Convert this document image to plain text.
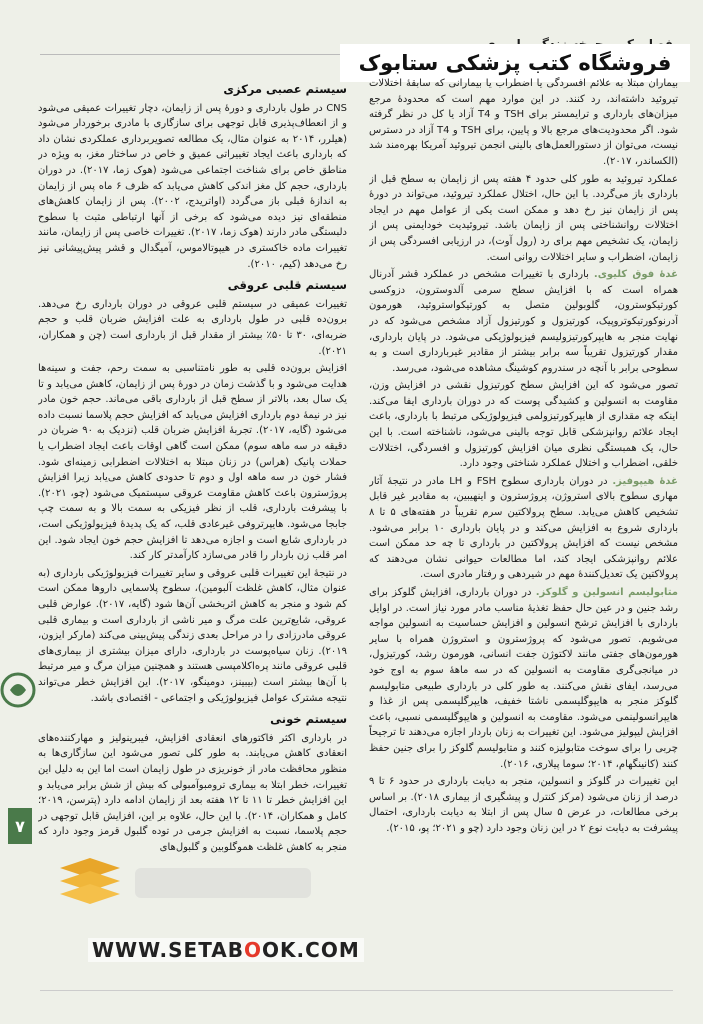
فروشگاه کتب پزشکی ستابوک

بیماران مبتلا به علائم افسردگی یا اضطراب یا بیمارانی که سابقۀ اختلالات تیروئید داشته‌اند، رد کنند. در این موارد مهم است که محدودۀ مرجع میزان‌های بارداری و ترایمستر برای TSH و T4 آزاد یا کل در نظر گرفته شود. اگر محدودیت‌های مرجع بالا و پایین، برای TSH و T4 آزاد در دسترس نیست، می‌توان از دستورالعمل‌های بالینی انجمن تیروئید آمریکا بهره‌مند شد (الکساندر، ۲۰۱۷).

عملکرد تیروئید به طور کلی حدود ۴ هفته پس از زایمان به سطح قبل از بارداری باز می‌گردد. با این حال، اختلال عملکرد تیروئید، می‌تواند در دورۀ پس از زایمان نیز رخ دهد و ممکن است یکی از عوامل مهم در ایجاد اختلالات روانشناختی پس از زایمان باشد. تیروئیدیت خودایمنی پس از زایمان، یک تشخیص مهم برای رد (رول آوت)، در ارزیابی افسردگی پس از زایمان، اضطراب و سایر اختلالات روانی است.

غدۀ فوق کلیوی. بارداری با تغییرات مشخص در عملکرد قشر آدرنال همراه است که با افزایش سطح سرمی آلدوسترون، دزوکسی کورتیکوسترون، گلوبولین متصل به کورتیکواستروئید، هورمون آدرنوکورتیکوتروپیک، کورتیزول و کورتیزول آزاد مشخص می‌شود که در نهایت منجر به هایپرکورتیزولیسم فیزیولوژیکی می‌شود. در پایان بارداری، مقدار کورتیزول تقریباً سه برابر بیشتر از مقادیر غیربارداری است و به سطوحی برابر با آنچه در سندروم کوشینگ مشاهده می‌شود، می‌رسد.

تصور می‌شود که این افزایش سطح کورتیزول نقشی در افزایش وزن، مقاومت به انسولین و کشیدگی پوست که در دوران بارداری ایفا می‌کند. اینکه چه مقداری از هایپرکورتیزولمی فیزیولوژیکی مرتبط با بارداری، باعث ایجاد علائم روانپزشکی قابل توجه بالینی می‌شود، ناشناخته است. با این حال، یک همبستگی نظری میان افزایش کورتیزول و افسردگی، اختلالات خلقی، اضطراب و اختلال عملکرد شناختی وجود دارد.

غدۀ هیپوفیز. در دوران بارداری سطوح FSH و LH مادر در نتیجۀ آثار مهاری سطوح بالای استروژن، پروژسترون و اینهیبین، به مقادیر غیر قابل تشخیص کاهش می‌یابد. سطح پرولاکتین سرم تقریباً در هفته‌های ۵ تا ۸ بارداری شروع به افزایش می‌کند و در پایان بارداری ۱۰ برابر می‌شود. مشخص نیست که افزایش پرولاکتین در بارداری تا چه حد ممکن است علائم روانپزشکی ایجاد کند، اما مطالعات حیوانی نشان می‌دهند که پرولاکتین یک تعدیل‌کنندۀ مهم در شیردهی و رفتار مادری است.

متابولیسم انسولین و گلوکز. در دوران بارداری، افزایش گلوکز برای رشد جنین و در عین حال حفظ تغذیۀ مناسب مادر مورد نیاز است. در اوایل بارداری با افزایش ترشح انسولین و افزایش حساسیت به انسولین مواجه می‌شویم. تصور می‌شود که پروژسترون و استروژن همراه با سایر هورمون‌های جفتی مانند لاکتوژن جفت انسانی، هورمون رشد، کورتیزول، در میانجی‌گری مقاومت به انسولین که در سه ماهۀ سوم به اوج خود می‌رسد، ایفای نقش می‌کنند. به طور کلی در بارداری طبیعی متابولیسم گلوکز منجر به هایپوگلیسمی ناشتا خفیف، هایپرگلیسمی پس از غذا و هایپرانسولینمی می‌شود. مقاومت به انسولین و هایپوگلیسمی نسبی، باعث افزایش لیپولیز می‌شود. این تغییرات به زنان باردار اجازه می‌دهند تا ترجیحاً چربی را برای سوخت متابولیزه کنند و متابولیسم گلوکز را برای جنین حفظ کنند (کانینگهام، ۲۰۱۴؛ سوما پیلاری، ۲۰۱۶).

این تغییرات در گلوکز و انسولین، منجر به دیابت بارداری در حدود ۶ تا ۹ درصد از زنان می‌شود (مرکز کنترل و پیشگیری از بیماری ۲۰۱۸). بر اساس برخی مطالعات، در عرض ۵ سال پس از ابتلا به دیابت بارداری، احتمال پیشرفت به دیابت نوع ۲ در این زنان وجود دارد (چو و ۲۰۲۱؛ پو، ۲۰۱۵).

سیستم عصبی مرکزی

CNS در طول بارداری و دورۀ پس از زایمان، دچار تغییرات عمیقی می‌شود و از انعطاف‌پذیری قابل توجهی برای سازگاری با مادری برخوردار می‌شود (هیلرر، ۲۰۱۴ به عنوان مثال، یک مطالعه تصویربرداری عملکردی نشان داد که بارداری باعث ایجاد تغییراتی عمیق و خاص در ساختار مغز، به ویژه در مناطق خاص برای شناخت اجتماعی می‌شود (هوک زما، ۲۰۱۷). در دوران بارداری، حجم کل مغز اندکی کاهش می‌یابد که ظرف ۶ ماه پس از زایمان به اندازۀ قبلی باز می‌گردد (اواتریدج، ۲۰۰۲). پس از زایمان کاهش‌های منطقه‌ای نیز دیده می‌شود که برخی از آنها ارتباطی مثبت با سطوح دلبستگی مادر دارند (هوک زما، ۲۰۱۷). تغییرات خاصی پس از زایمان، مانند تغییرات ماده خاکستری در هیپوتالاموس، آمیگدال و قشر پیش‌پیشانی نیز رخ می‌دهد (کیم، ۲۰۱۰).

سیستم قلبی عروقی

تغییرات عمیقی در سیستم قلبی عروقی در دوران بارداری رخ می‌دهد. برون‌ده قلبی در طول بارداری به علت افزایش ضربان قلب و حجم ضربه‌ای، ۳۰ تا ۵۰٪ بیشتر از مقدار قبل از بارداری است (چن و همکاران، ۲۰۲۱).

افزایش برون‌ده قلبی به طور نامتناسبی به سمت رحم، جفت و سینه‌ها هدایت می‌شود و با گذشت زمان در دورۀ پس از زایمان، کاهش می‌یابد و تا یک سال بعد، بالاتر از سطح قبل از بارداری باقی می‌ماند. حجم خون مادر نیز در نیمۀ دوم بارداری افزایش می‌یابد که افزایش حجم پلاسما نسبت داده می‌شود (گایه، ۲۰۱۷). تجربۀ افزایش ضربان قلب (نزدیک به ۹۰ ضربان در دقیقه در سه ماهه سوم) ممکن است گاهی اوقات باعث ایجاد اضطراب یا حملات پانیک (هراس) در زنان مبتلا به اختلالات اضطرابی زمینه‌ای شود. فشار خون در سه ماهه اول و دوم تا حدودی کاهش می‌یابد زیرا افزایش پروژسترون باعث کاهش مقاومت عروقی سیستمیک می‌شود (چو، ۲۰۲۱). با پیشرفت بارداری، قلب از نظر فیزیکی به سمت بالا و به سمت چپ جابجا می‌شود. هایپرتروفی غیرعادی قلب، که یک پدیدۀ فیزیولوژیکی است، در بارداری شایع است و اجازه می‌دهد تا افزایش حجم خون ایجاد شود. این امر قلب زن باردار را قادر می‌سازد کارآمدتر کار کند.

در نتیجۀ این تغییرات قلبی عروقی و سایر تغییرات فیزیولوژیکی بارداری (به عنوان مثال، کاهش غلظت آلبومین)، سطوح پلاسمایی داروها ممکن است کم شود و منجر به کاهش اثربخشی آن‌ها شود (گایه، ۲۰۱۷). عوارض قلبی عروقی، شایع‌ترین علت مرگ و میر ناشی از بارداری است و بیماری قلبی عروقی مادرزادی را در مراحل بعدی زندگی پیش‌بینی می‌کند (مارکر ایزون، ۲۰۱۹). زنان سیاه‌پوست در بارداری، دارای میزان بیشتری از بیماری‌های قلبی عروقی مانند پره‌اکلامپسی هستند و همچنین میزان مرگ و میر مرتبط با آن‌ها بیشتر است (بیبینز، دومینگو، ۲۰۱۷). این افزایش خطر می‌تواند نتیجه مشترک عوامل فیزیولوژیکی و اجتماعی - اقتصادی باشد.

سیستم خونی

در بارداری اکثر فاکتورهای انعقادی افزایش، فیبرینولیز و مهارکننده‌های انعقادی کاهش می‌یابند. به طور کلی تصور می‌شود این سازگاری‌ها به منظور محافظت مادر از خونریزی در طول زایمان است اما این به دلیل این تغییرات، خطر ابتلا به بیماری ترومبوآمبولی که بیش از شش برابر می‌یابد و این افزایش خطر تا ۱۱ تا ۱۲ هفته بعد از زایمان ادامه دارد (پترسن، ۲۰۱۹؛ کامل و همکاران، ۲۰۱۴). با این حال، علاوه بر این، افزایش قابل توجهی در حجم پلاسما، نسبت به افزایش جرمی در توده گلبول قرمز وجود دارد که منجر به کاهش غلظت هموگلوبین و گلبول‌های

۷
WWW.SETABOOK.COM
